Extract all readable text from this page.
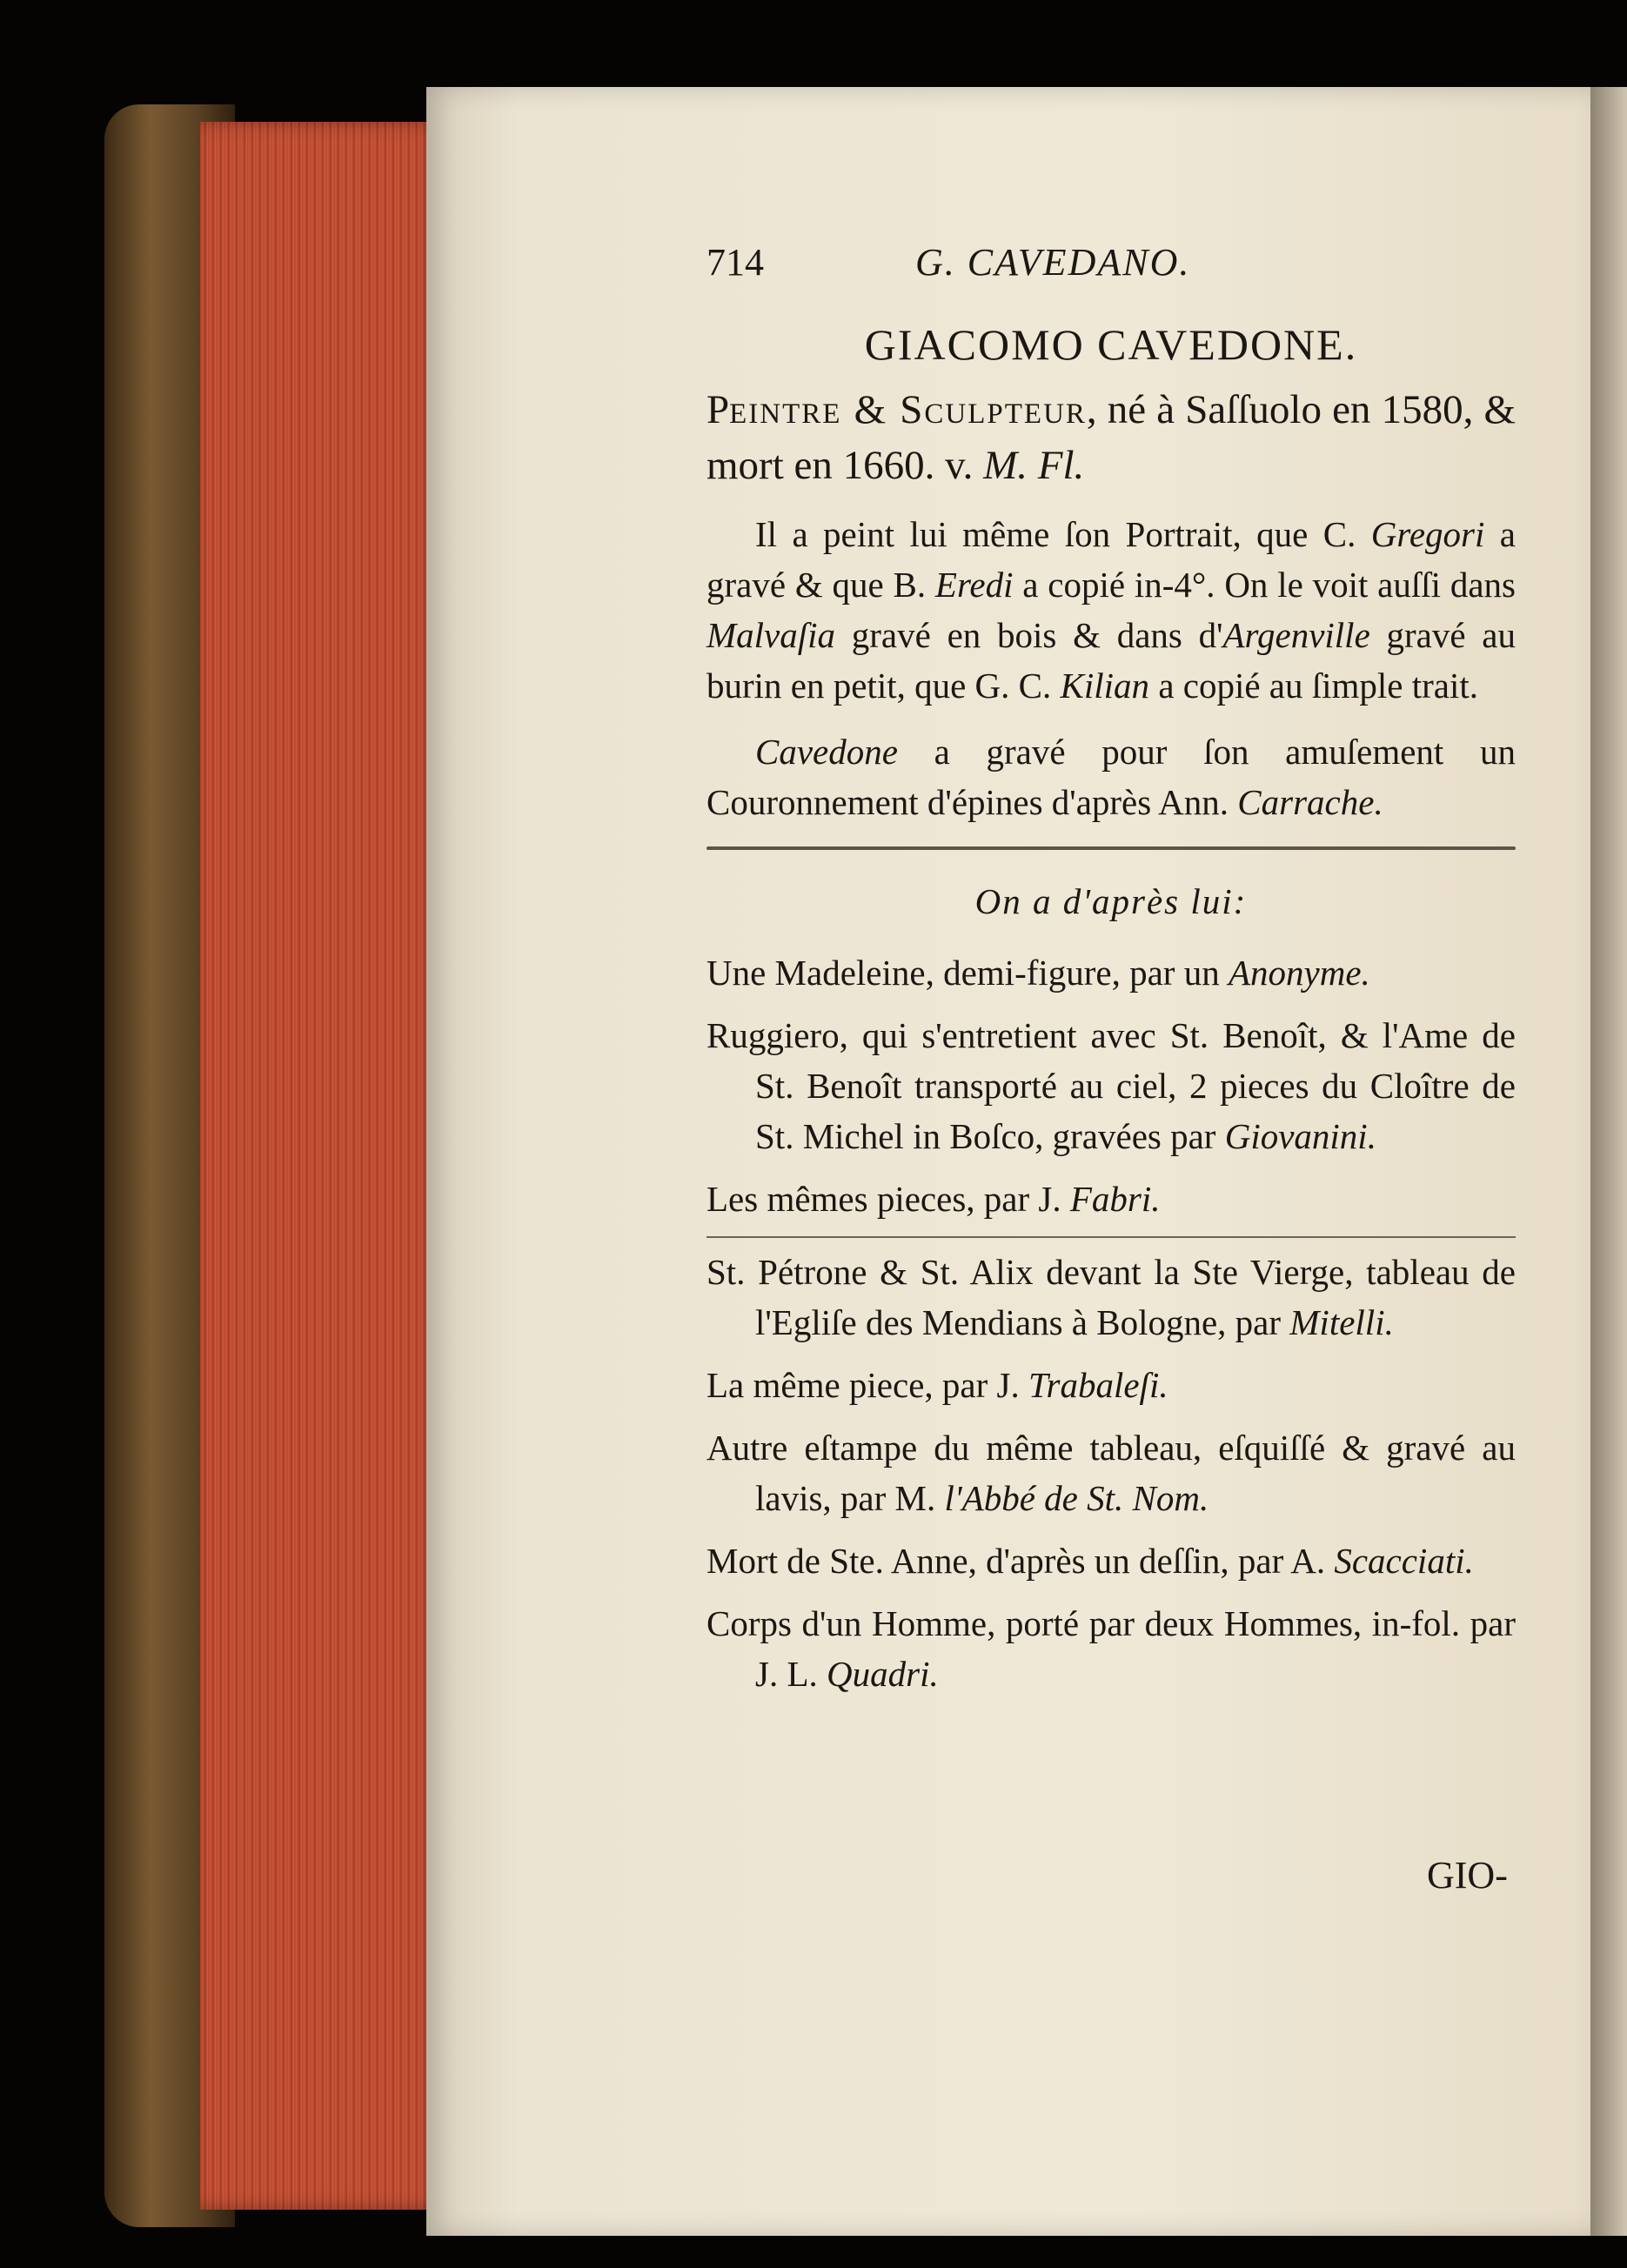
714	G. CAVEDANO.
GIACOMO CAVEDONE.

Peintre & Sculpteur, né à Saſſuolo en 1580, & mort en 1660. v. M. Fl.

Il a peint lui même ſon Portrait, que C. Gregori a gravé & que B. Eredi a copié in-4°. On le voit auſſi dans Malvaſia gravé en bois & dans d'Argenville gravé au burin en petit, que G. C. Kilian a copié au ſimple trait.

Cavedone a gravé pour ſon amuſement un Couronnement d'épines d'après Ann. Carrache.

On a d'après lui:

Une Madeleine, demi-figure, par un Anonyme.

Ruggiero, qui s'entretient avec St. Benoît, & l'Ame de St. Benoît transporté au ciel, 2 pieces du Cloître de St. Michel in Boſco, gravées par Giovanini.

Les mêmes pieces, par J. Fabri.

St. Pétrone & St. Alix devant la Ste Vierge, tableau de l'Egliſe des Mendians à Bologne, par Mitelli.

La même piece, par J. Trabaleſi.

Autre eſtampe du même tableau, eſquiſſé & gravé au lavis, par M. l'Abbé de St. Nom.

Mort de Ste. Anne, d'après un deſſin, par A. Scacciati.

Corps d'un Homme, porté par deux Hommes, in-fol. par J. L. Quadri.

GIO-
